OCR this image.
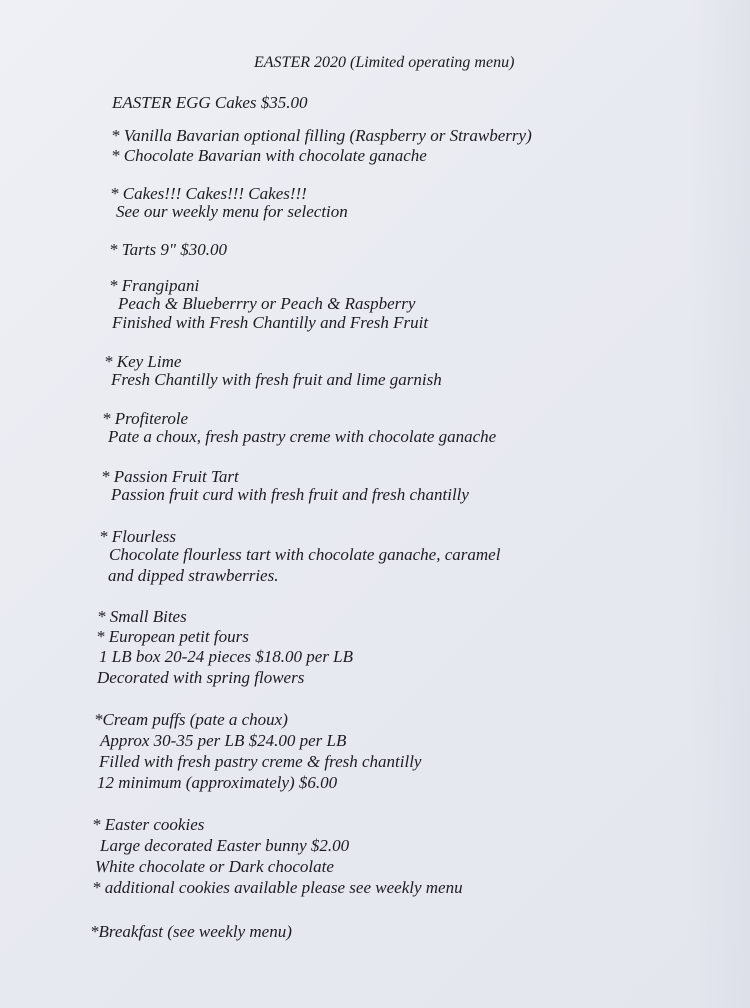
EASTER 2020 (Limited operating menu)
EASTER EGG Cakes $35.00
* Vanilla Bavarian optional filling (Raspberry or Strawberry)
* Chocolate Bavarian with chocolate ganache
* Cakes!!! Cakes!!! Cakes!!!
See our weekly menu for selection
* Tarts 9" $30.00
* Frangipani
Peach & Blueberrry or Peach & Raspberry
Finished with Fresh Chantilly and Fresh Fruit
* Key Lime
Fresh Chantilly with fresh fruit and lime garnish
* Profiterole
Pate a choux, fresh pastry creme with chocolate ganache
* Passion Fruit Tart
Passion fruit curd with fresh fruit and fresh chantilly
* Flourless
Chocolate flourless tart with chocolate ganache, caramel
and dipped strawberries.
* Small Bites
* European petit fours
1 LB box 20-24 pieces $18.00 per LB
Decorated with spring flowers
*Cream puffs (pate a choux)
Approx 30-35 per LB $24.00 per LB
Filled with fresh pastry creme & fresh chantilly
12 minimum (approximately) $6.00
* Easter cookies
Large decorated Easter bunny $2.00
White chocolate or Dark chocolate
* additional cookies available please see weekly menu
*Breakfast (see weekly menu)
